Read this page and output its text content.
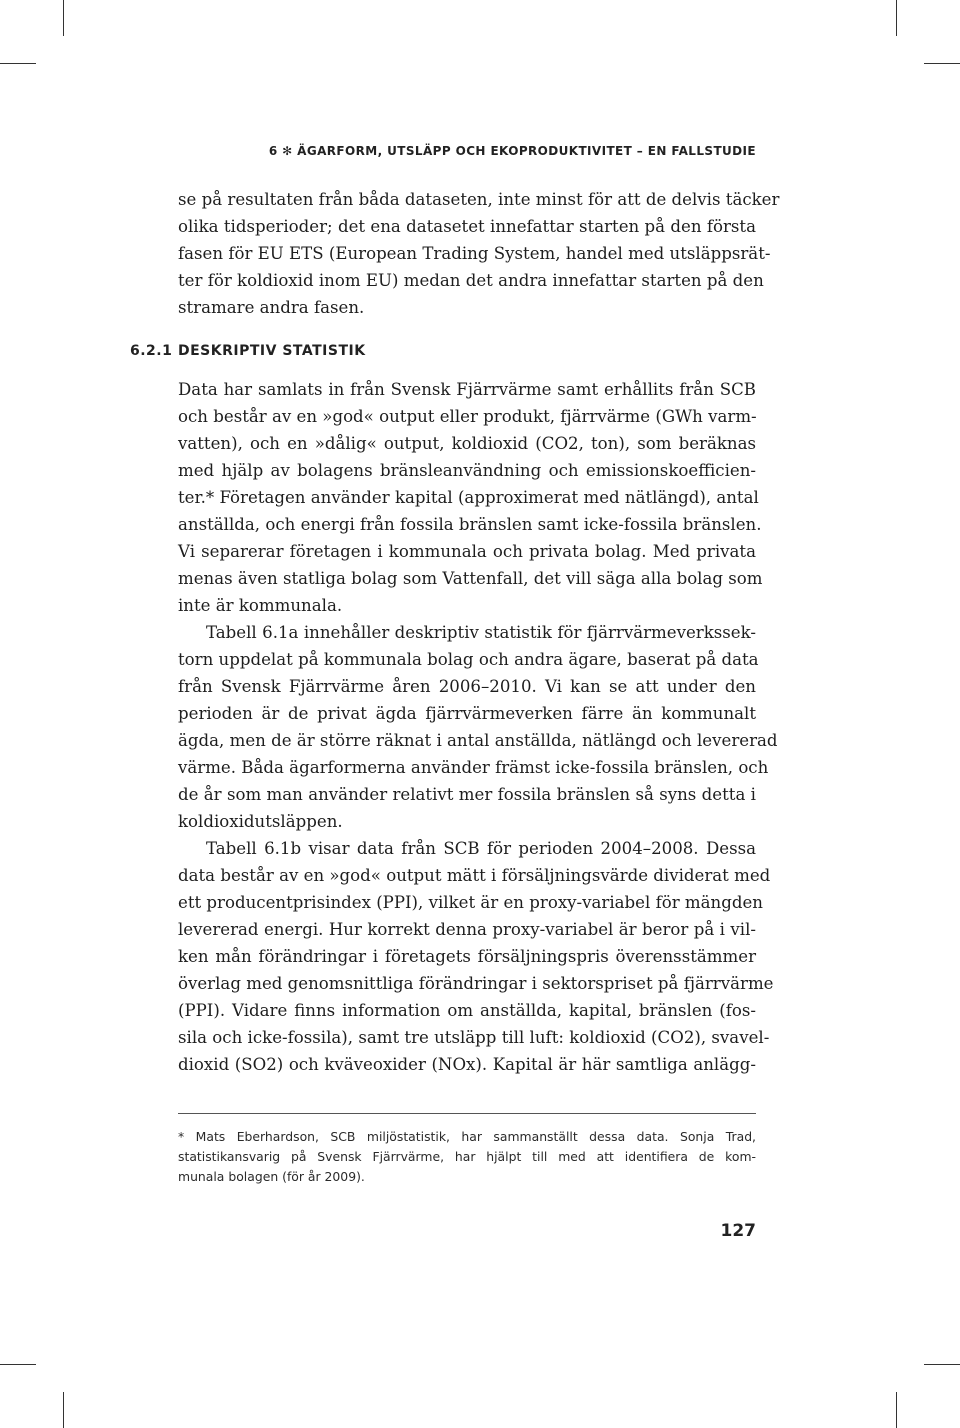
6 ✻ ÄGARFORM, UTSLÄPP OCH EKOPRODUKTIVITET – EN FALLSTUDIE
se på resultaten från båda dataseten, inte minst för att de delvis täcker
olika tidsperioder; det ena datasetet innefattar starten på den första
fasen för EU ETS (European Trading System, handel med utsläppsrät-
ter för koldioxid inom EU) medan det andra innefattar starten på den
stramare andra fasen.
6.2.1 DESKRIPTIV STATISTIK
Data har samlats in från Svensk Fjärrvärme samt erhållits från SCB
och består av en »god« output eller produkt, fjärrvärme (GWh varm-
vatten), och en »dålig« output, koldioxid (CO2, ton), som beräknas
med hjälp av bolagens bränsleanvändning och emissionskoefficien-
ter.* Företagen använder kapital (approximerat med nätlängd), antal
anställda, och energi från fossila bränslen samt icke-fossila bränslen.
Vi separerar företagen i kommunala och privata bolag. Med privata
menas även statliga bolag som Vattenfall, det vill säga alla bolag som
inte är kommunala.
Tabell 6.1a innehåller deskriptiv statistik för fjärrvärmeverkssek-
torn uppdelat på kommunala bolag och andra ägare, baserat på data
från Svensk Fjärrvärme åren 2006–2010. Vi kan se att under den
perioden är de privat ägda fjärrvärmeverken färre än kommunalt
ägda, men de är större räknat i antal anställda, nätlängd och levererad
värme. Båda ägarformerna använder främst icke-fossila bränslen, och
de år som man använder relativt mer fossila bränslen så syns detta i
koldioxidutsläppen.
Tabell 6.1b visar data från SCB för perioden 2004–2008. Dessa
data består av en »god« output mätt i försäljningsvärde dividerat med
ett producentprisindex (PPI), vilket är en proxy-variabel för mängden
levererad energi. Hur korrekt denna proxy-variabel är beror på i vil-
ken mån förändringar i företagets försäljningspris överensstämmer
överlag med genomsnittliga förändringar i sektorspriset på fjärrvärme
(PPI). Vidare finns information om anställda, kapital, bränslen (fos-
sila och icke-fossila), samt tre utsläpp till luft: koldioxid (CO2), svavel-
dioxid (SO2) och kväveoxider (NOx). Kapital är här samtliga anlägg-
* Mats Eberhardson, SCB miljöstatistik, har sammanställt dessa data. Sonja Trad,
statistikansvarig på Svensk Fjärrvärme, har hjälpt till med att identifiera de kom-
munala bolagen (för år 2009).
127
